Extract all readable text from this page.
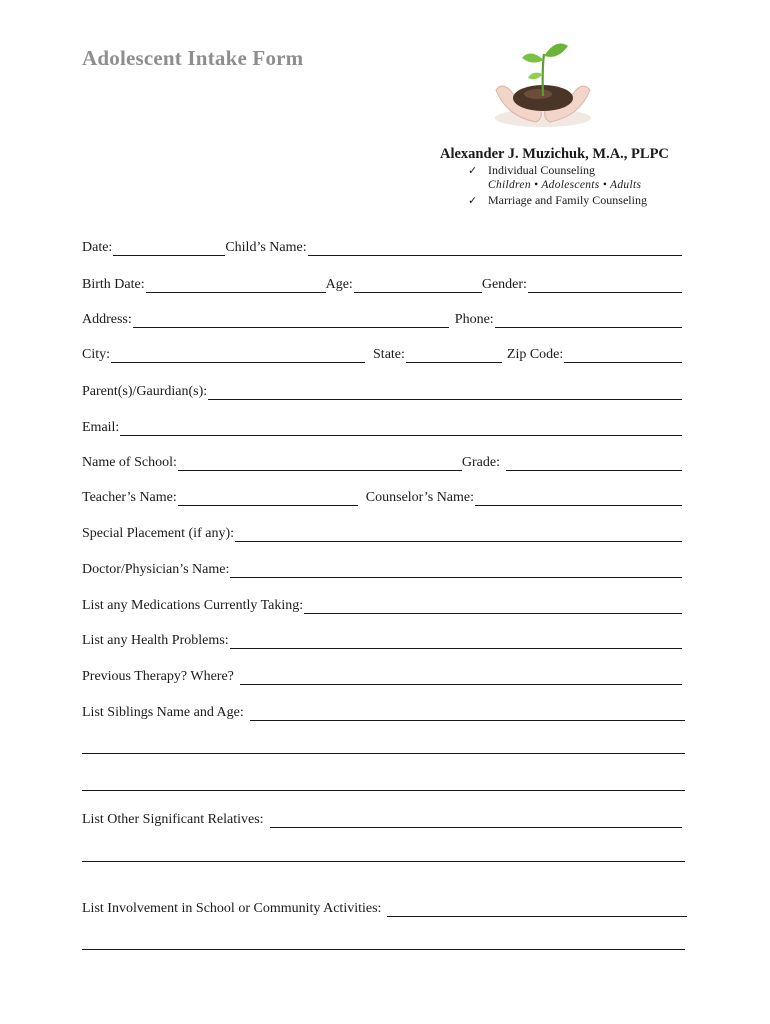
Adolescent Intake Form
Alexander J. Muzichuk, M.A., PLPC
✓ Individual Counseling
Children • Adolescents • Adults
✓ Marriage and Family Counseling
Date:	Child’s Name:
Birth Date:	Age:	Gender:
Address:	Phone:
City:	State:	Zip Code:
Parent(s)/Gaurdian(s):
Email:
Name of School:	Grade:
Teacher’s Name:	Counselor’s Name:
Special Placement (if any):
Doctor/Physician’s Name:
List any Medications Currently Taking:
List any Health Problems:
Previous Therapy? Where?
List Siblings Name and Age:
List Other Significant Relatives:
List Involvement in School or Community Activities:
